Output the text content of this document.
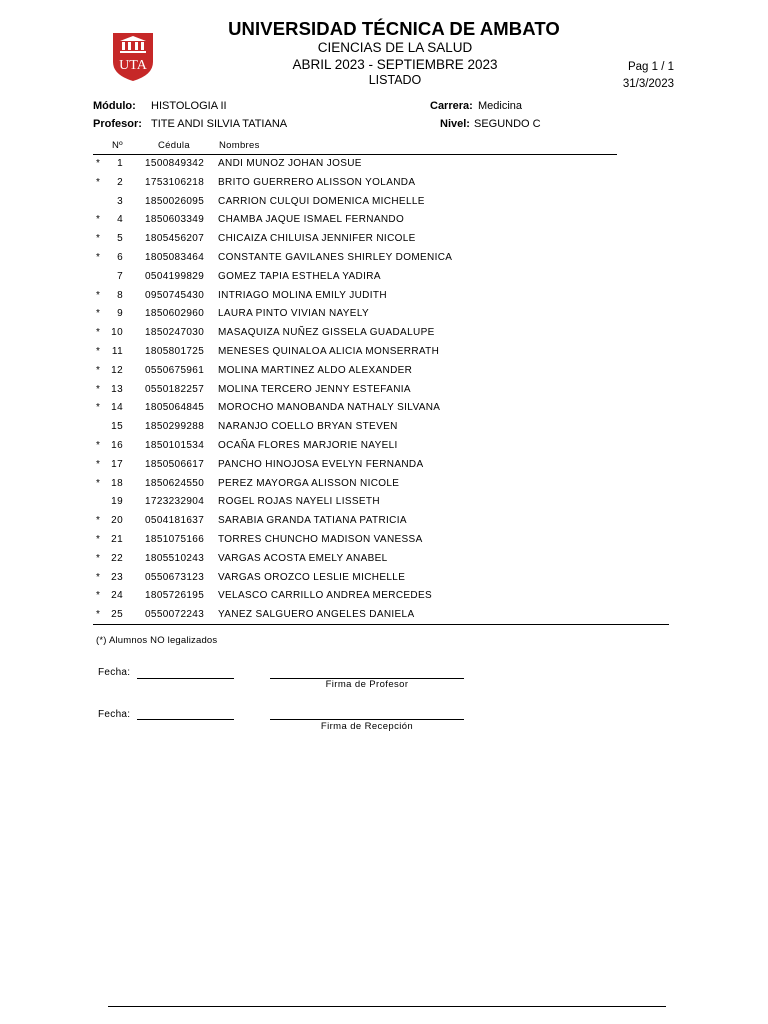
UTA
UNIVERSIDAD TÉCNICA DE AMBATO
CIENCIAS DE LA SALUD
ABRIL 2023 - SEPTIEMBRE 2023
LISTADO
Pag 1 / 1
31/3/2023
Módulo: HISTOLOGIA II
Profesor: TITE ANDI SILVIA TATIANA
Carrera: Medicina
Nivel: SEGUNDO C
Nº	Cédula	Nombres
*	1 1500849342 ANDI MUNOZ JOHAN JOSUE
*	2 1753106218 BRITO GUERRERO ALISSON YOLANDA
3 1850026095 CARRION CULQUI DOMENICA MICHELLE
*	4 1850603349 CHAMBA JAQUE ISMAEL FERNANDO
*	5 1805456207 CHICAIZA CHILUISA JENNIFER NICOLE
*	6 1805083464 CONSTANTE GAVILANES SHIRLEY DOMENICA
7 0504199829 GOMEZ TAPIA ESTHELA YADIRA
*	8 0950745430 INTRIAGO MOLINA EMILY JUDITH
*	9 1850602960 LAURA PINTO VIVIAN NAYELY
* 10 1850247030 MASAQUIZA NUÑEZ GISSELA GUADALUPE
* 11 1805801725 MENESES QUINALOA ALICIA MONSERRATH
* 12 0550675961 MOLINA MARTINEZ ALDO ALEXANDER
* 13 0550182257 MOLINA TERCERO JENNY ESTEFANIA
* 14 1805064845 MOROCHO MANOBANDA NATHALY SILVANA
15 1850299288 NARANJO COELLO BRYAN STEVEN
* 16 1850101534 OCAÑA FLORES MARJORIE NAYELI
* 17 1850506617 PANCHO HINOJOSA EVELYN FERNANDA
* 18 1850624550 PEREZ MAYORGA ALISSON NICOLE
19 1723232904 ROGEL ROJAS NAYELI LISSETH
* 20 0504181637 SARABIA GRANDA TATIANA PATRICIA
* 21 1851075166 TORRES CHUNCHO MADISON VANESSA
* 22 1805510243 VARGAS ACOSTA EMELY ANABEL
* 23 0550673123 VARGAS OROZCO LESLIE MICHELLE
* 24 1805726195 VELASCO CARRILLO ANDREA MERCEDES
* 25 0550072243 YANEZ SALGUERO ANGELES DANIELA
(*) Alumnos NO legalizados
Fecha:
Firma de Profesor
Fecha:
Firma de Recepción
